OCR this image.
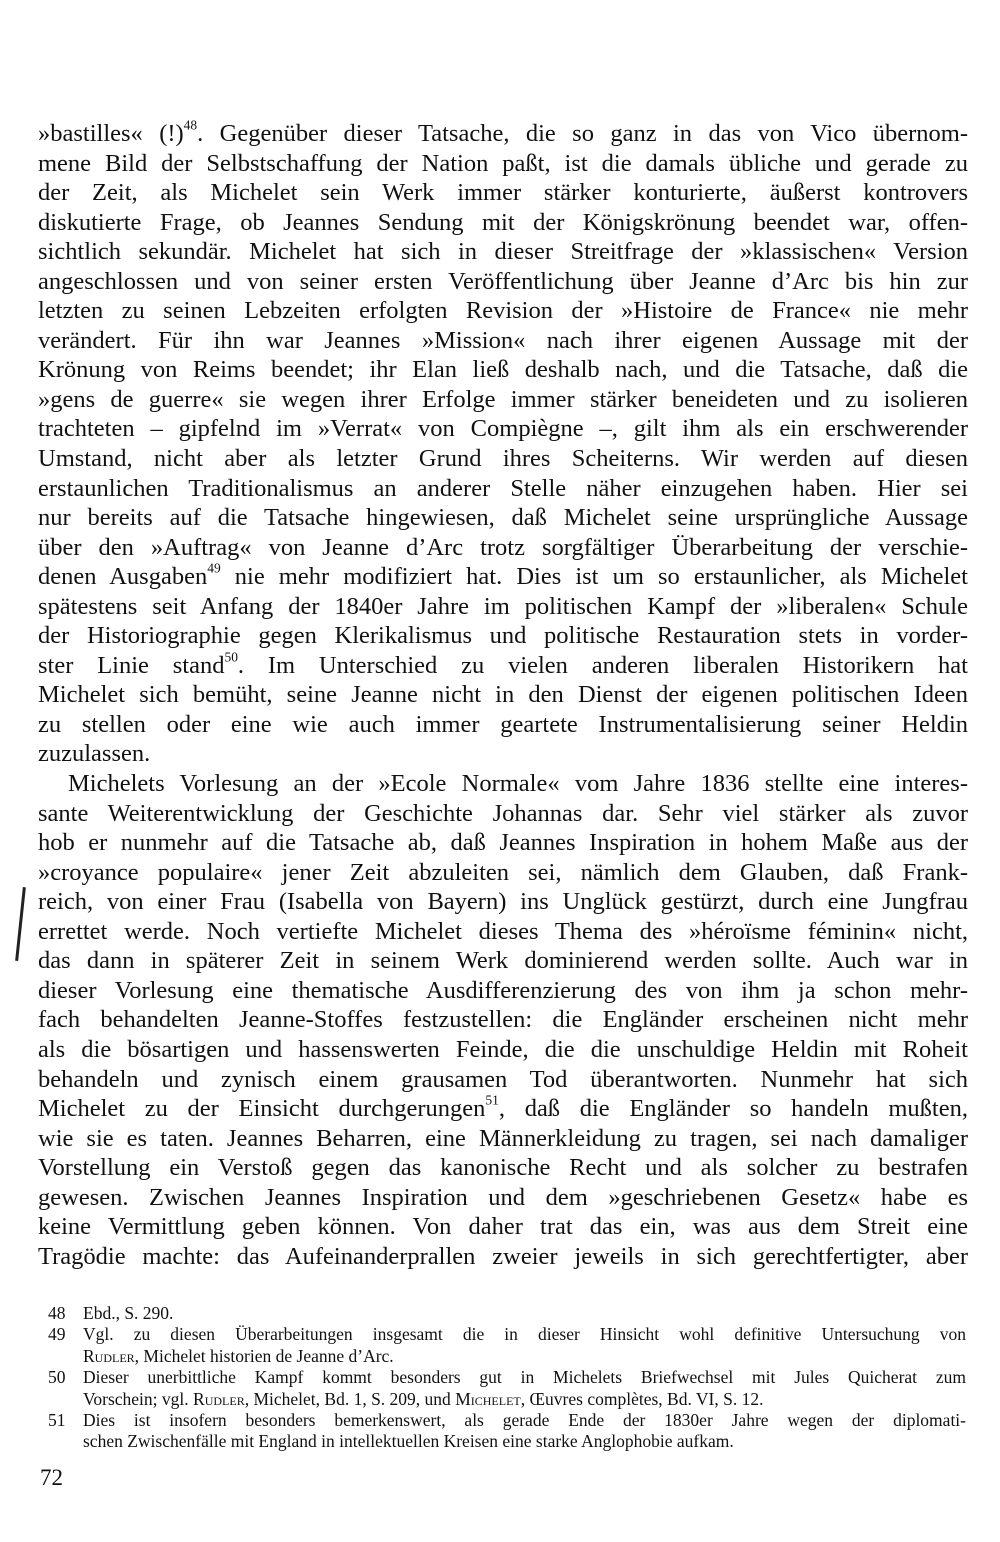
»bastilles« (!)$^{48}$. Gegenüber dieser Tatsache, die so ganz in das von Vico übernom-
mene Bild der Selbstschaffung der Nation paßt, ist die damals übliche und gerade zu
der Zeit, als Michelet sein Werk immer stärker konturierte, äußerst kontrovers
diskutierte Frage, ob Jeannes Sendung mit der Königskrönung beendet war, offen-
sichtlich sekundär. Michelet hat sich in dieser Streitfrage der »klassischen« Version
angeschlossen und von seiner ersten Veröffentlichung über Jeanne d’Arc bis hin zur
letzten zu seinen Lebzeiten erfolgten Revision der »Histoire de France« nie mehr
verändert. Für ihn war Jeannes »Mission« nach ihrer eigenen Aussage mit der
Krönung von Reims beendet; ihr Elan ließ deshalb nach, und die Tatsache, daß die
»gens de guerre« sie wegen ihrer Erfolge immer stärker beneideten und zu isolieren
trachteten – gipfelnd im »Verrat« von Compiègne –, gilt ihm als ein erschwerender
Umstand, nicht aber als letzter Grund ihres Scheiterns. Wir werden auf diesen
erstaunlichen Traditionalismus an anderer Stelle näher einzugehen haben. Hier sei
nur bereits auf die Tatsache hingewiesen, daß Michelet seine ursprüngliche Aussage
über den »Auftrag« von Jeanne d’Arc trotz sorgfältiger Überarbeitung der verschie-
denen Ausgaben$^{49}$ nie mehr modifiziert hat. Dies ist um so erstaunlicher, als Michelet
spätestens seit Anfang der 1840er Jahre im politischen Kampf der »liberalen« Schule
der Historiographie gegen Klerikalismus und politische Restauration stets in vorder-
ster Linie stand$^{50}$. Im Unterschied zu vielen anderen liberalen Historikern hat
Michelet sich bemüht, seine Jeanne nicht in den Dienst der eigenen politischen Ideen
zu stellen oder eine wie auch immer geartete Instrumentalisierung seiner Heldin
zuzulassen.
Michelets Vorlesung an der »Ecole Normale« vom Jahre 1836 stellte eine interes-
sante Weiterentwicklung der Geschichte Johannas dar. Sehr viel stärker als zuvor
hob er nunmehr auf die Tatsache ab, daß Jeannes Inspiration in hohem Maße aus der
»croyance populaire« jener Zeit abzuleiten sei, nämlich dem Glauben, daß Frank-
reich, von einer Frau (Isabella von Bayern) ins Unglück gestürzt, durch eine Jungfrau
errettet werde. Noch vertiefte Michelet dieses Thema des »héroïsme féminin« nicht,
das dann in späterer Zeit in seinem Werk dominierend werden sollte. Auch war in
dieser Vorlesung eine thematische Ausdifferenzierung des von ihm ja schon mehr-
fach behandelten Jeanne-Stoffes festzustellen: die Engländer erscheinen nicht mehr
als die bösartigen und hassenswerten Feinde, die die unschuldige Heldin mit Roheit
behandeln und zynisch einem grausamen Tod überantworten. Nunmehr hat sich
Michelet zu der Einsicht durchgerungen$^{51}$, daß die Engländer so handeln mußten,
wie sie es taten. Jeannes Beharren, eine Männerkleidung zu tragen, sei nach damaliger
Vorstellung ein Verstoß gegen das kanonische Recht und als solcher zu bestrafen
gewesen. Zwischen Jeannes Inspiration und dem »geschriebenen Gesetz« habe es
keine Vermittlung geben können. Von daher trat das ein, was aus dem Streit eine
Tragödie machte: das Aufeinanderprallen zweier jeweils in sich gerechtfertigter, aber
48 Ebd., S. 290.
49 Vgl. zu diesen Überarbeitungen insgesamt die in dieser Hinsicht wohl definitive Untersuchung von
Rudler, Michelet historien de Jeanne d’Arc.
50 Dieser unerbittliche Kampf kommt besonders gut in Michelets Briefwechsel mit Jules Quicherat zum
Vorschein; vgl. Rudler, Michelet, Bd. 1, S. 209, und Michelet, Œuvres complètes, Bd. VI, S. 12.
51 Dies ist insofern besonders bemerkenswert, als gerade Ende der 1830er Jahre wegen der diplomati-
schen Zwischenfälle mit England in intellektuellen Kreisen eine starke Anglophobie aufkam.
72
